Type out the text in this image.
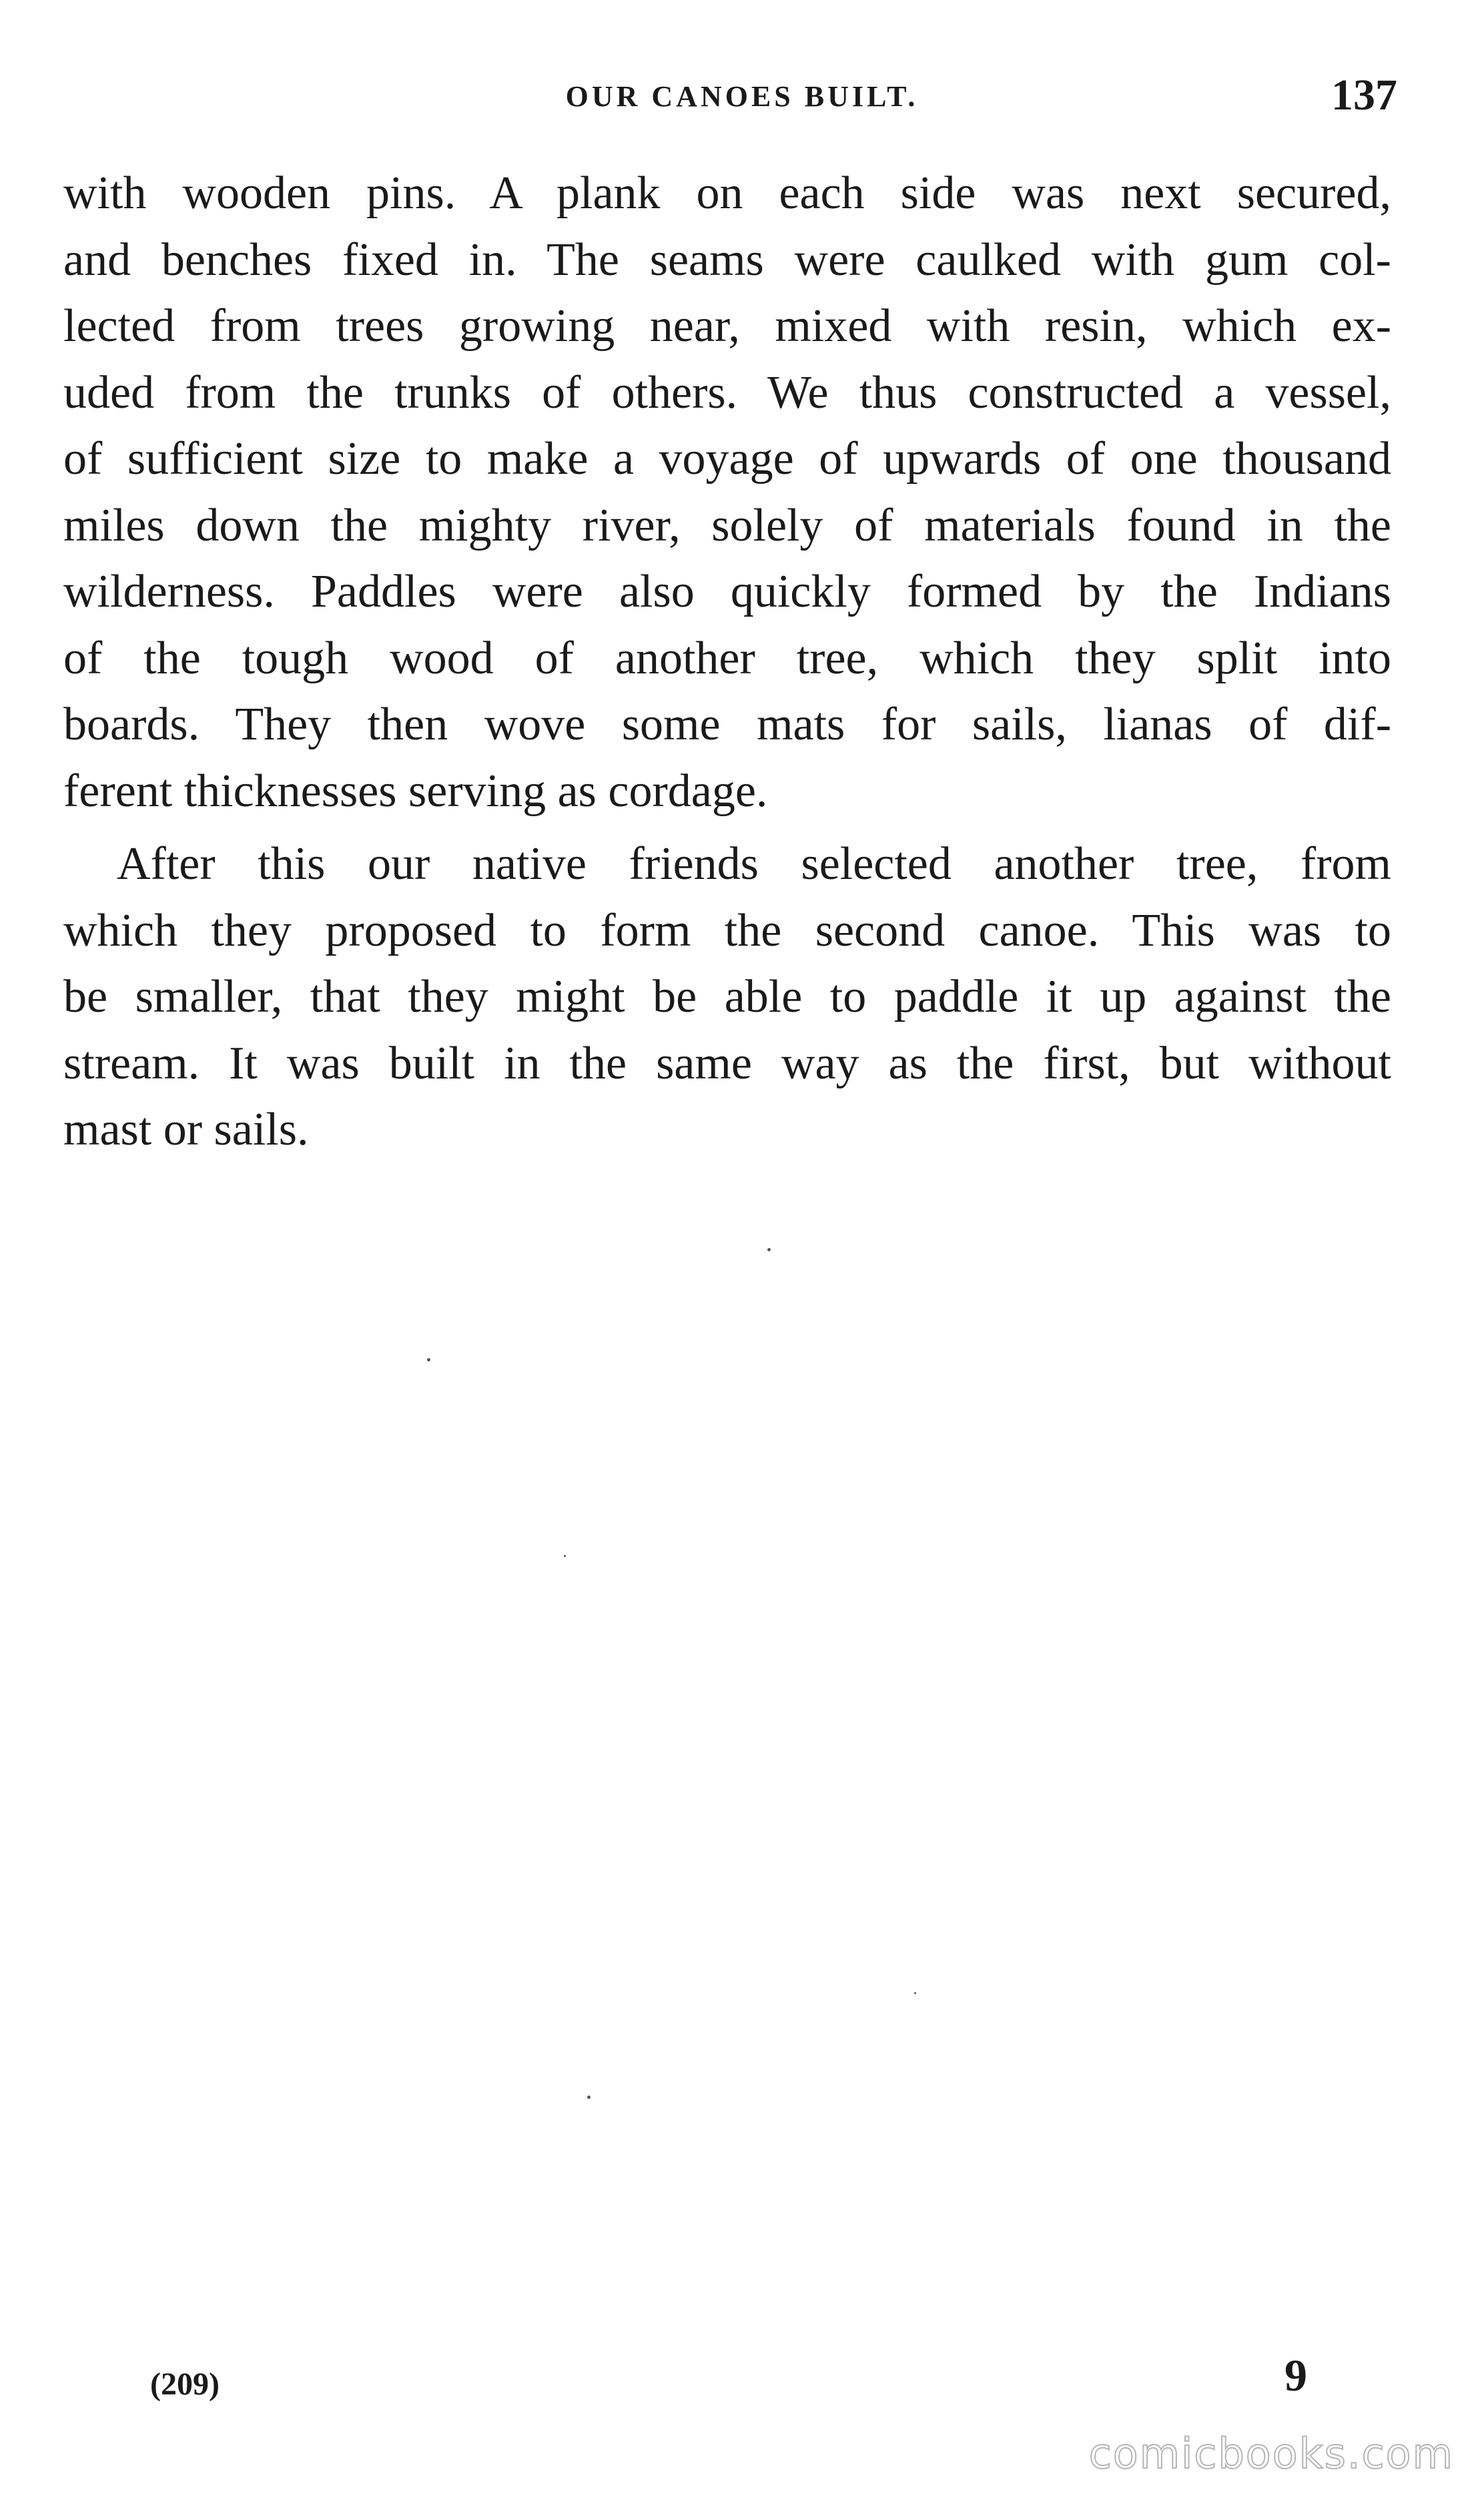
OUR CANOES BUILT.	137
with wooden pins. A plank on each side was next secured,
and benches fixed in. The seams were caulked with gum col-
lected from trees growing near, mixed with resin, which ex-
uded from the trunks of others. We thus constructed a vessel,
of sufficient size to make a voyage of upwards of one thousand
miles down the mighty river, solely of materials found in the
wilderness. Paddles were also quickly formed by the Indians
of the tough wood of another tree, which they split into
boards. They then wove some mats for sails, lianas of dif-
ferent thicknesses serving as cordage.
After this our native friends selected another tree, from
which they proposed to form the second canoe. This was to
be smaller, that they might be able to paddle it up against the
stream. It was built in the same way as the first, but without
mast or sails.
(209)	9
comicbooks.com
